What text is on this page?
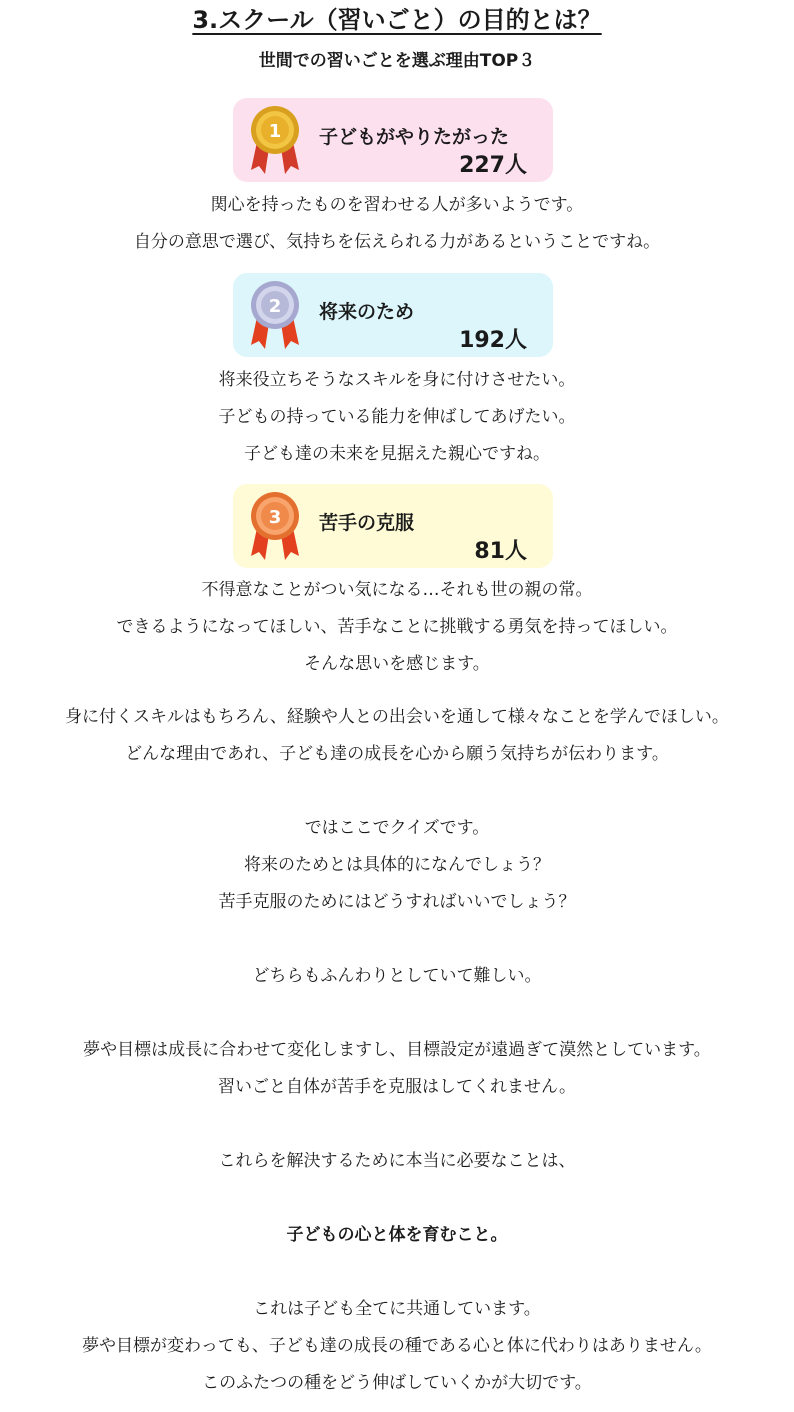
3.スクール（習いごと）の目的とは？
世間での習いごとを選ぶ理由TOP３
1 子どもがやりたがった
227人
関心を持ったものを習わせる人が多いようです。
自分の意思で選び、気持ちを伝えられる力があるということですね。
2 将来のため
192人
将来役立ちそうなスキルを身に付けさせたい。
子どもの持っている能力を伸ばしてあげたい。
子ども達の未来を見据えた親心ですね。
3 苦手の克服
81人
不得意なことがつい気になる…それも世の親の常。
できるようになってほしい、苦手なことに挑戦する勇気を持ってほしい。
そんな思いを感じます。
身に付くスキルはもちろん、経験や人との出会いを通して様々なことを学んでほしい。
どんな理由であれ、子ども達の成長を心から願う気持ちが伝わります。
ではここでクイズです。
将来のためとは具体的になんでしょう？
苦手克服のためにはどうすればいいでしょう？
どちらもふんわりとしていて難しい。
夢や目標は成長に合わせて変化しますし、目標設定が遠過ぎて漠然としています。
習いごと自体が苦手を克服はしてくれません。
これらを解決するために本当に必要なことは、
子どもの心と体を育むこと。
これは子ども全てに共通しています。
夢や目標が変わっても、子ども達の成長の種である心と体に代わりはありません。
このふたつの種をどう伸ばしていくかが大切です。
